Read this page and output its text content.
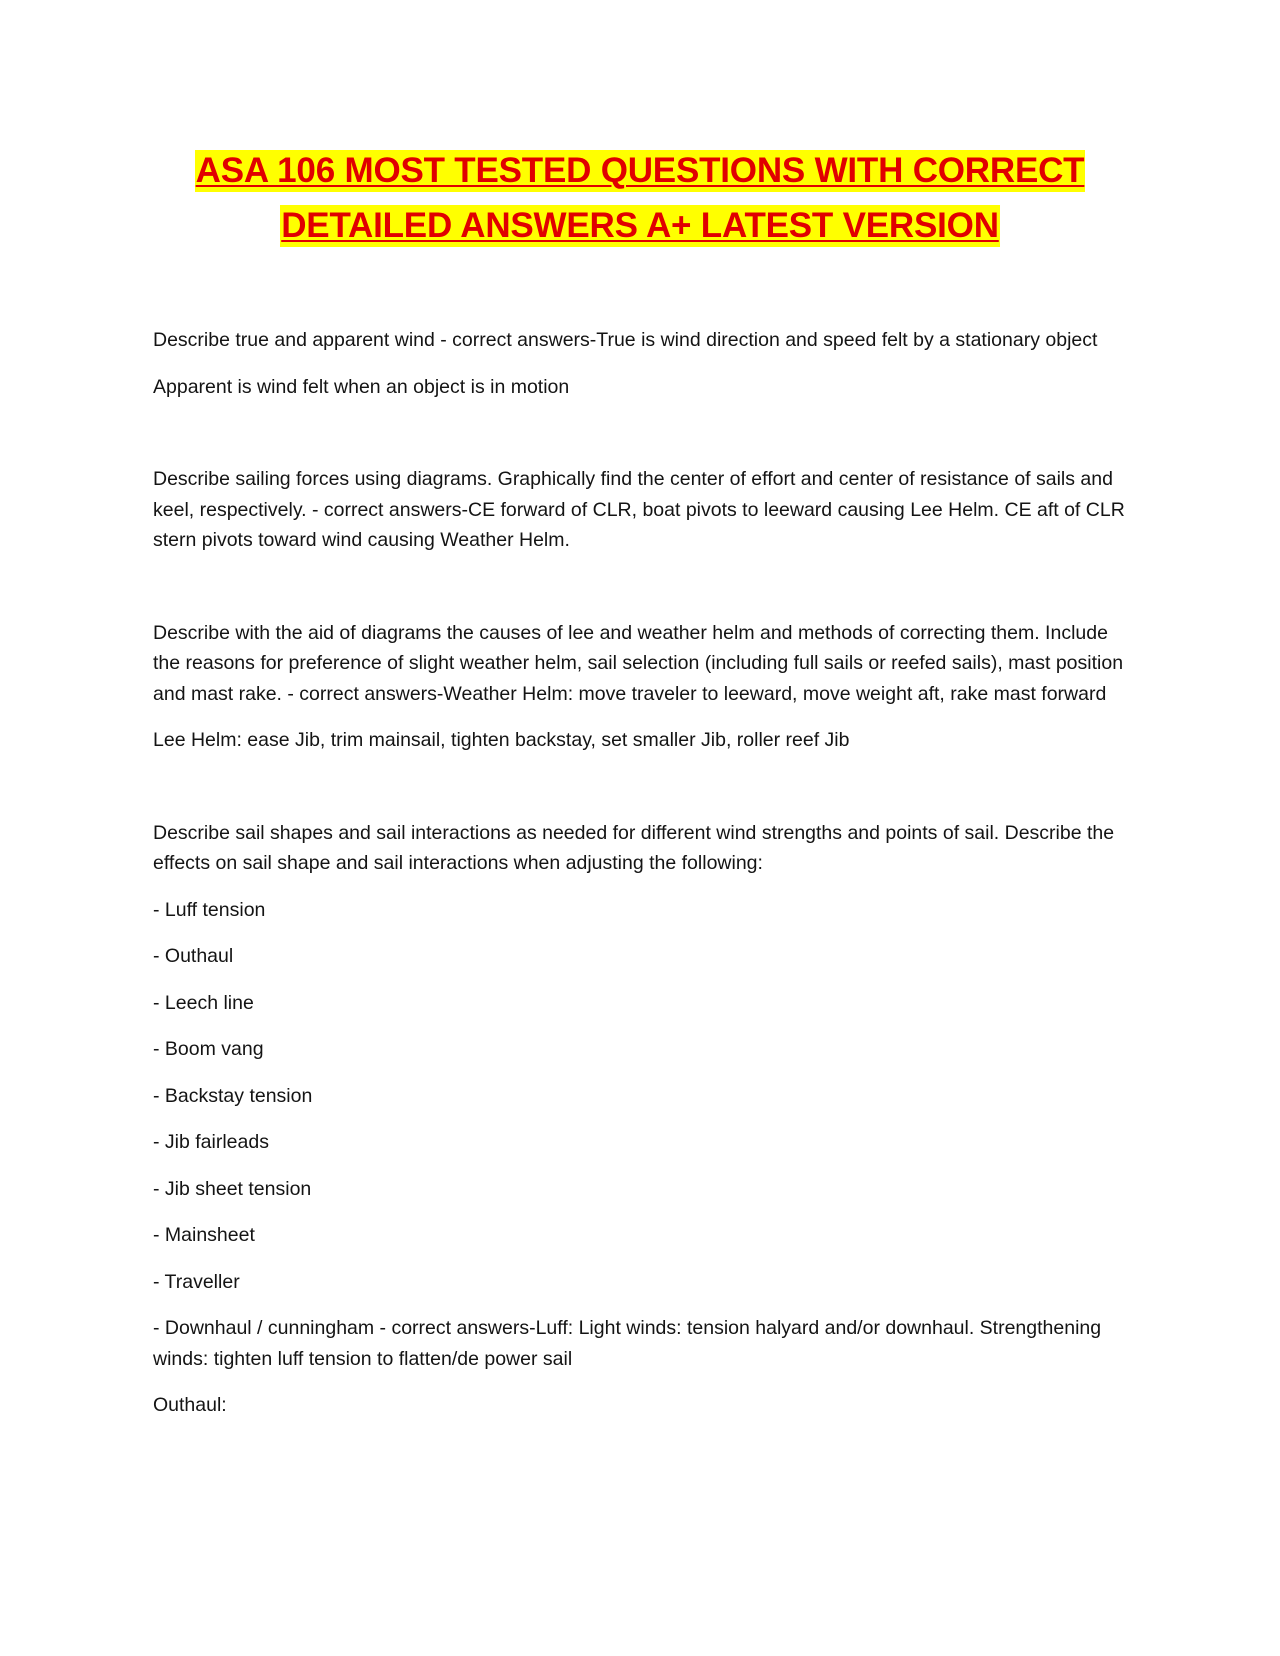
ASA 106 MOST TESTED QUESTIONS WITH CORRECT
DETAILED ANSWERS A+ LATEST VERSION

Describe true and apparent wind - correct answers-True is wind direction and speed felt by a stationary object

Apparent is wind felt when an object is in motion

Describe sailing forces using diagrams. Graphically find the center of effort and center of resistance of sails and keel, respectively. - correct answers-CE forward of CLR, boat pivots to leeward causing Lee Helm. CE aft of CLR stern pivots toward wind causing Weather Helm.

Describe with the aid of diagrams the causes of lee and weather helm and methods of correcting them. Include the reasons for preference of slight weather helm, sail selection (including full sails or reefed sails), mast position and mast rake. - correct answers-Weather Helm: move traveler to leeward, move weight aft, rake mast forward

Lee Helm: ease Jib, trim mainsail, tighten backstay, set smaller Jib, roller reef Jib

Describe sail shapes and sail interactions as needed for different wind strengths and points of sail. Describe the effects on sail shape and sail interactions when adjusting the following:

- Luff tension

- Outhaul

- Leech line

- Boom vang

- Backstay tension

- Jib fairleads

- Jib sheet tension

- Mainsheet

- Traveller

- Downhaul / cunningham - correct answers-Luff: Light winds: tension halyard and/or downhaul. Strengthening winds: tighten luff tension to flatten/de power sail

Outhaul:
